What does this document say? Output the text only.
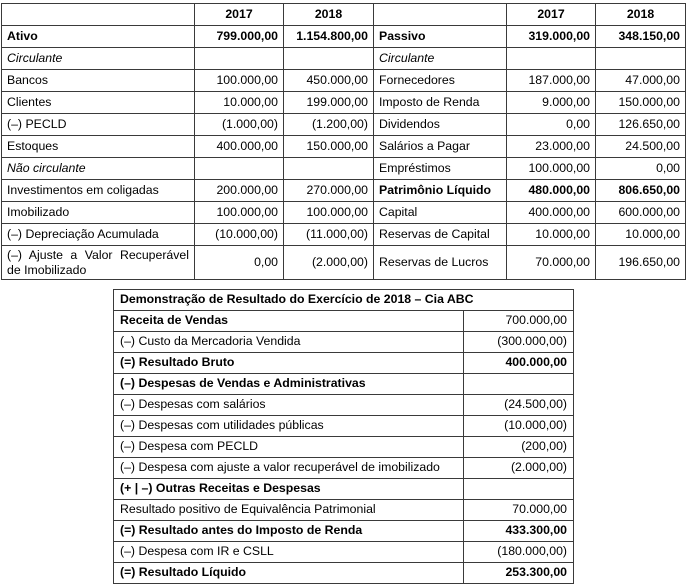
	2017	2018		2017	2018
Ativo	799.000,00	1.154.800,00	Passivo	319.000,00	348.150,00
Circulante			Circulante		
Bancos	100.000,00	450.000,00	Fornecedores	187.000,00	47.000,00
Clientes	10.000,00	199.000,00	Imposto de Renda	9.000,00	150.000,00
(–) PECLD	(1.000,00)	(1.200,00)	Dividendos	0,00	126.650,00
Estoques	400.000,00	150.000,00	Salários a Pagar	23.000,00	24.500,00
Não circulante			Empréstimos	100.000,00	0,00
Investimentos em coligadas	200.000,00	270.000,00	Patrimônio Líquido	480.000,00	806.650,00
Imobilizado	100.000,00	100.000,00	Capital	400.000,00	600.000,00
(–) Depreciação Acumulada	(10.000,00)	(11.000,00)	Reservas de Capital	10.000,00	10.000,00
(–) Ajuste a Valor Recuperável de Imobilizado	0,00	(2.000,00)	Reservas de Lucros	70.000,00	196.650,00
Demonstração de Resultado do Exercício de 2018 – Cia ABC	
Receita de Vendas	700.000,00
(–) Custo da Mercadoria Vendida	(300.000,00)
(=) Resultado Bruto	400.000,00
(–) Despesas de Vendas e Administrativas	
(–) Despesas com salários	(24.500,00)
(–) Despesas com utilidades públicas	(10.000,00)
(–) Despesa com PECLD	(200,00)
(–) Despesa com ajuste a valor recuperável de imobilizado	(2.000,00)
(+ | –) Outras Receitas e Despesas	
Resultado positivo de Equivalência Patrimonial	70.000,00
(=) Resultado antes do Imposto de Renda	433.300,00
(–) Despesa com IR e CSLL	(180.000,00)
(=) Resultado Líquido	253.300,00
